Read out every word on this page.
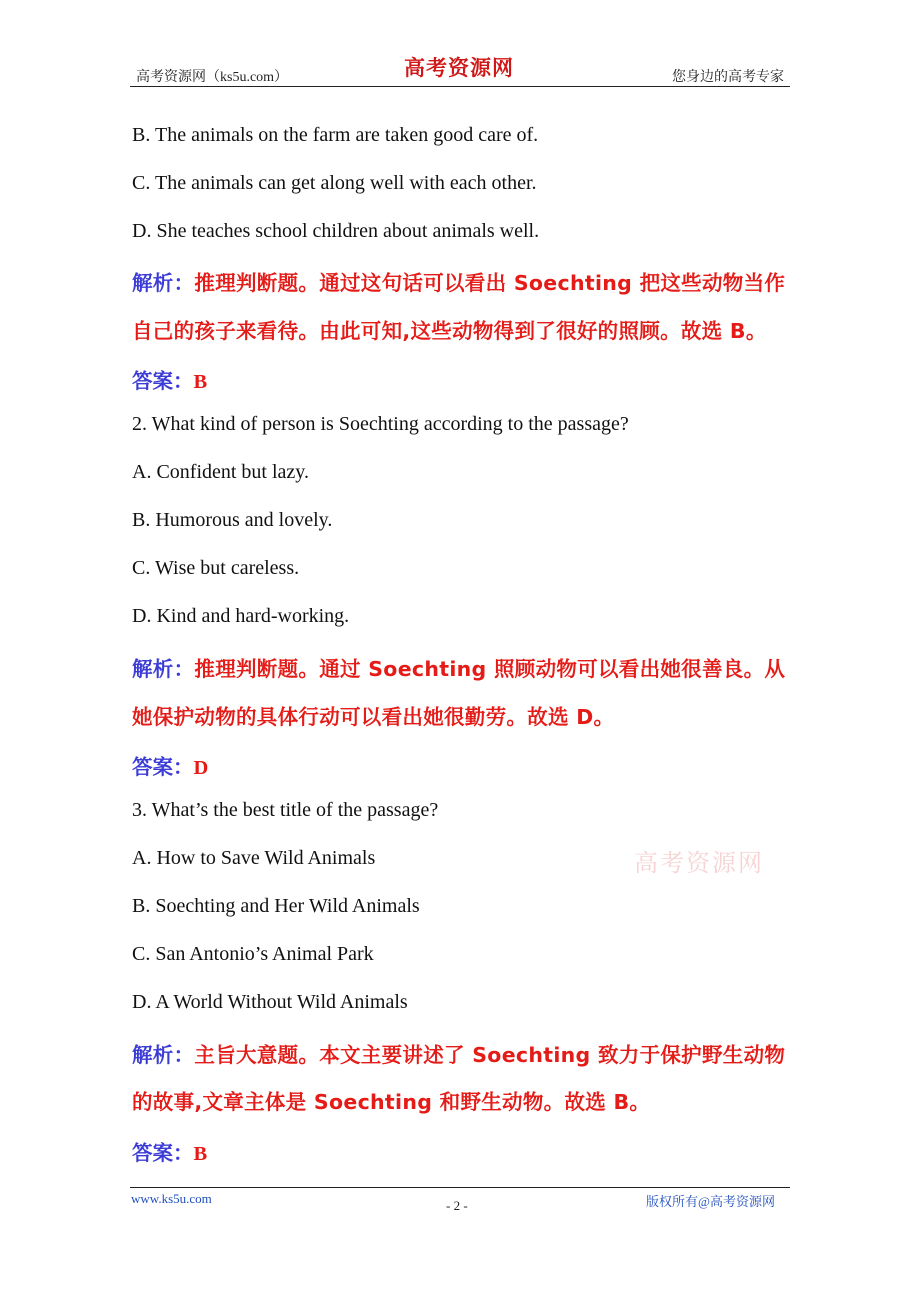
高考资源网（ks5u.com）	高考资源网	您身边的高考专家
B. The animals on the farm are taken good care of.
C. The animals can get along well with each other.
D. She teaches school children about animals well.
解析：推理判断题。通过这句话可以看出 Soechting 把这些动物当作
自己的孩子来看待。由此可知,这些动物得到了很好的照顾。故选 B。
答案：B
2. What kind of person is Soechting according to the passage?
A. Confident but lazy.
B. Humorous and lovely.
C. Wise but careless.
D. Kind and hard-working.
解析：推理判断题。通过 Soechting 照顾动物可以看出她很善良。从
她保护动物的具体行动可以看出她很勤劳。故选 D。
答案：D
3. What’s the best title of the passage?
A. How to Save Wild Animals
B. Soechting and Her Wild Animals
C. San Antonio’s Animal Park
D. A World Without Wild Animals
解析：主旨大意题。本文主要讲述了 Soechting 致力于保护野生动物
的故事,文章主体是 Soechting 和野生动物。故选 B。
答案：B
高考资源网
www.ks5u.com	- 2 -	版权所有@高考资源网
